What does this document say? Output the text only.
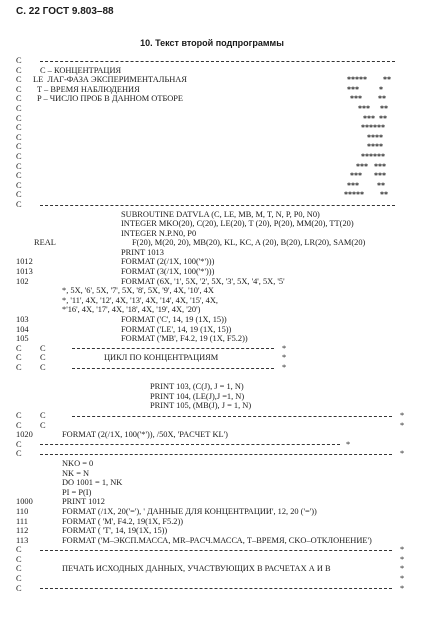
С. 22 ГОСТ 9.803–88
10. Текст второй подпрограммы
C
C C – КОНЦЕНТРАЦИЯ
C LE  ЛАГ-ФАЗА ЭКСПЕРИМЕНТАЛЬНАЯ	*****        **
C T – ВРЕМЯ НАБЛЮДЕНИЯ	***          *
C P – ЧИСЛО ПРОБ В ДАННОМ ОТБОРЕ	***        **
C	***     **
C	***  **
C	******
C	****
C	****
C	******
C	***   ***
C	***      ***
C	***         **
C	*****        **
C
SUBROUTINE DATVLA (C, LE, MB, M, T, N, P, P0, N0)
INTEGER MKO(20), C(20), LE(20), T (20), P(20), MM(20), TT(20)
INTEGER N.P.N0, P0
REAL	F(20), M(20, 20), MB(20), KL, KC, A (20), B(20), LR(20), SAM(20)
PRINT 1013
1012	FORMAT (2(/1X, 100('*')))
1013	FORMAT (3(/1X, 100('*')))
102	FORMAT (6X, '1', 5X, '2', 5X, '3', 5X, '4', 5X, '5'
*, 5X, '6', 5X, '7', 5X, '8', 5X, '9', 4X, '10', 4X
*, '11', 4X, '12', 4X, '13', 4X, '14', 4X, '15', 4X,
*'16', 4X, '17', 4X, '18', 4X, '19', 4X, '20')
103	FORMAT ('C', 14, 19 (1X, 15))
104	FORMAT ('LE', 14, 19 (1X, 15))
105	FORMAT ('MB', F4.2, 19 (1X, F5.2))
C C	*
C C	ЦИКЛ ПО КОНЦЕНТРАЦИЯМ	*
C C	*
PRINT 103, (C(J), J = 1, N)
PRINT 104, (LE(J),J =1, N)
PRINT 105, (MB(J), J = 1, N)
C C	*
C C	*
1020	FORMAT (2(/1X, 100('*')), /50X, 'PACЧЕТ KL')
C	*
C	*
NKO = 0
NK = N
DO 1001 = 1, NK
PI = P(I)
1000	PRINT 1012
110	FORMAT (/1X, 20('='), ' ДАННЫЕ ДЛЯ КОНЦЕНТРАЦИИ', 12, 20 ('='))
111	FORMAT ( 'M', F4.2, 19(1X, F5.2))
112	FORMAT ( 'T', 14, 19(1X, 15))
113	FORMAT ('M–ЭКСП.МАССА, MR–PACЧ.МАССА, T–ВРЕМЯ, CKO–ОТКЛОНЕНИЕ')
C	*
C	*
C	ПЕЧАТЬ ИСХОДНЫХ ДАННЫХ, УЧАСТВУЮЩИХ В РАСЧЕТАХ А И В	*
C	*
C	*
